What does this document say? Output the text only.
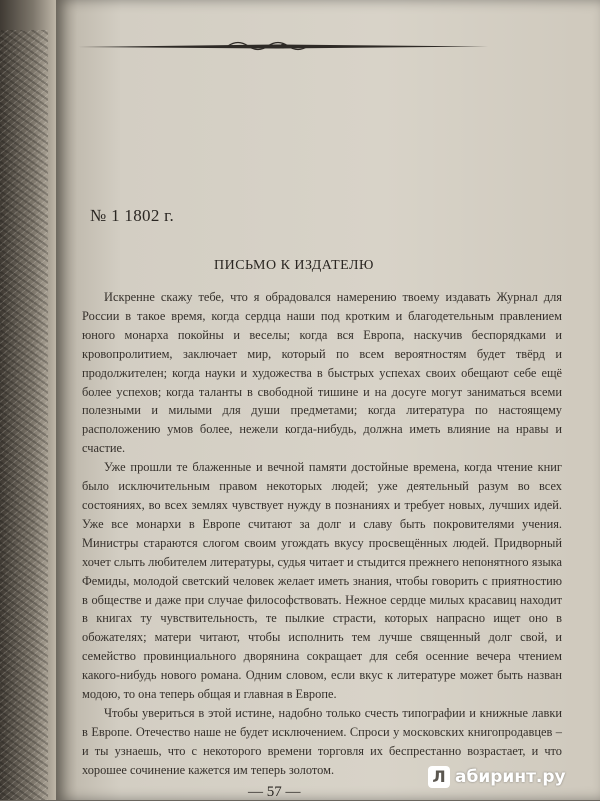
№ 1 1802 г.
ПИСЬМО К ИЗДАТЕЛЮ

Искренне скажу тебе, что я обрадовался намерению твоему издавать Журнал для России в такое время, когда сердца наши под кротким и благодетельным правлением юного монарха покойны и веселы; когда вся Европа, наскучив беспорядками и кровопролитием, заключает мир, который по всем вероятностям будет твёрд и продолжителен; когда науки и художества в быстрых успехах своих обещают себе ещё более успехов; когда таланты в свободной тишине и на досуге могут заниматься всеми полезными и милыми для души предметами; когда литература по настоящему расположению умов более, нежели когда-нибудь, должна иметь влияние на нравы и счастие.

Уже прошли те блаженные и вечной памяти достойные времена, когда чтение книг было исключительным правом некоторых людей; уже деятельный разум во всех состояниях, во всех землях чувствует нужду в познаниях и требует новых, лучших идей. Уже все монархи в Европе считают за долг и славу быть покровителями учения. Министры стараются слогом своим угождать вкусу просвещённых людей. Придворный хочет слыть любителем литературы, судья читает и стыдится прежнего непонятного языка Фемиды, молодой светский человек желает иметь знания, чтобы говорить с приятностию в обществе и даже при случае философствовать. Нежное сердце милых красавиц находит в книгах ту чувствительность, те пылкие страсти, которых напрасно ищет оно в обожателях; матери читают, чтобы исполнить тем лучше священный долг свой, и семейство провинциального дворянина сокращает для себя осенние вечера чтением какого-нибудь нового романа. Одним словом, если вкус к литературе может быть назван модою, то она теперь общая и главная в Европе.

Чтобы увериться в этой истине, надобно только счесть типографии и книжные лавки в Европе. Отечество наше не будет исключением. Спроси у московских книгопродавцев – и ты узнаешь, что с некоторого времени торговля их беспрестанно возрастает, и что хорошее сочинение кажется им теперь золотом.

— 57 —
Л абиринт.ру
